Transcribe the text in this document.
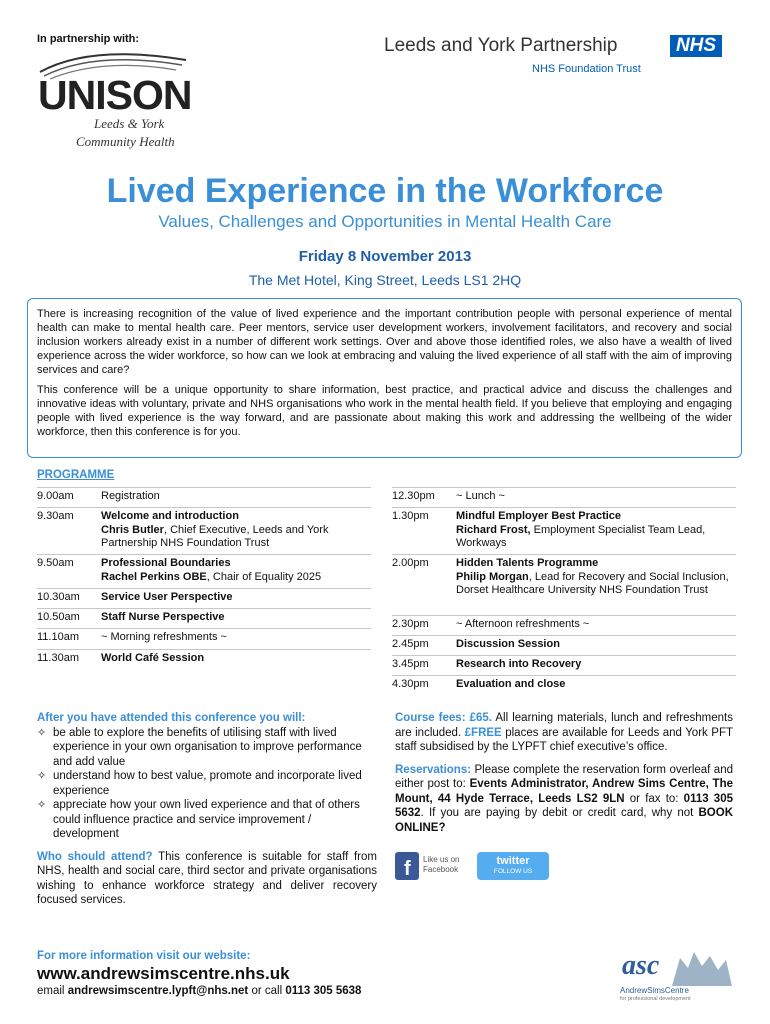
In partnership with:
UNISON
Leeds & York
Community Health
Leeds and York Partnership	NHS
NHS Foundation Trust
Lived Experience in the Workforce
Values, Challenges and Opportunities in Mental Health Care
Friday 8 November 2013
The Met Hotel, King Street, Leeds LS1 2HQ

There is increasing recognition of the value of lived experience and the important contribution people with personal experience of mental health can make to mental health care. Peer mentors, service user development workers, involvement facilitators, and recovery and social inclusion workers already exist in a number of different work settings. Over and above those identified roles, we also have a wealth of lived experience across the wider workforce, so how can we look at embracing and valuing the lived experience of all staff with the aim of improving services and care?

This conference will be a unique opportunity to share information, best practice, and practical advice and discuss the challenges and innovative ideas with voluntary, private and NHS organisations who work in the mental health field. If you believe that employing and engaging people with lived experience is the way forward, and are passionate about making this work and addressing the wellbeing of the wider workforce, then this conference is for you.

PROGRAMME
9.00am Registration
9.30am Welcome and introduction
Chris Butler, Chief Executive, Leeds and York Partnership NHS Foundation Trust
9.50am Professional Boundaries
Rachel Perkins OBE, Chair of Equality 2025
10.30am Service User Perspective
10.50am Staff Nurse Perspective
11.10am ~ Morning refreshments ~
11.30am World Café Session
12.30pm ~ Lunch ~
1.30pm Mindful Employer Best Practice
Richard Frost, Employment Specialist Team Lead, Workways
2.00pm Hidden Talents Programme
Philip Morgan, Lead for Recovery and Social Inclusion, Dorset Healthcare University NHS Foundation Trust
2.30pm ~ Afternoon refreshments ~
2.45pm Discussion Session
3.45pm Research into Recovery
4.30pm Evaluation and close
After you have attended this conference you will:
✧ be able to explore the benefits of utilising staff with lived experience in your own organisation to improve performance and add value
✧ understand how to best value, promote and incorporate lived experience
✧ appreciate how your own lived experience and that of others could influence practice and service improvement / development
Who should attend? This conference is suitable for staff from NHS, health and social care, third sector and private organisations wishing to enhance workforce strategy and deliver recovery focused services.
Course fees: £65. All learning materials, lunch and refreshments are included. £FREE places are available for Leeds and York PFT staff subsidised by the LYPFT chief executive’s office.
Reservations: Please complete the reservation form overleaf and either post to: Events Administrator, Andrew Sims Centre, The Mount, 44 Hyde Terrace, Leeds LS2 9LN or fax to: 0113 305 5632. If you are paying by debit or credit card, why not BOOK ONLINE?
f Like us on
Facebook
twitter
FOLLOW US
For more information visit our website:
www.andrewsimscentre.nhs.uk
email andrewsimscentre.lypft@nhs.net or call 0113 305 5638
asc
AndrewSimsCentre
for professional development
